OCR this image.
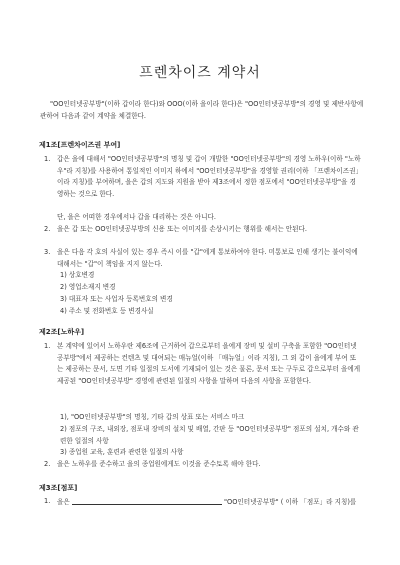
프렌차이즈 계약서
"OO인터넷공부방"(이하 갑이라 한다)와 OOO(이하 을이라 한다)은 "OO인터넷공부방"의 경영 및 제반사항에 관하여 다음과 같이 계약을 체결한다.
제1조[프렌차이즈권 부여]
1. 갑은 을에 대해서 "OO인터넷공부방"의 명칭 및 갑이 개발한 "OO인터넷공부방"의 경영 노하우(이하 "노하우"라 지칭)를 사용하여 통일적인 이미지 하에서 "OO인터넷공부방"을 경영할 권리(이하 「프렌차이즈권」이라 지칭)를 부여하며, 을은 갑의 지도와 지원을 받아 제3조에서 정한 점포에서 "OO인터넷공부방"을 경영하는 것으로 한다.
단, 을은 어떠한 경우에서나 갑을 대리하는 것은 아니다.
2. 을은 갑 또는 OO인터넷공부방의 신용 또는 이미지를 손상시키는 행위를 해서는 안된다.
3. 을은 다음 각 호의 사실이 있는 경우 즉시 이를 "갑"에게 통보하여야 한다. 미통보로 인해 생기는 불이익에 대해서는 "갑"이 책임을 지지 않는다.
1) 상호변경
2) 영업소재지 변경
3) 대표자 또는 사업자 등록번호의 변경
4) 주소 및 전화번호 등 변경사실
제2조[노하우]
1. 본 계약에 있어서 노하우란 제6조에 근거하여 갑으로부터 을에게 장비 및 설비 구축을 포함한 "OO인터넷공부방"에서 제공하는 컨텐츠 및 대여되는 매뉴얼(이하 「매뉴얼」이라 지칭), 그 외 갑이 을에게 부여 또는 제공하는 문서, 도면 기타 일절의 도서에 기재되어 있는 것은 물론, 문서 또는 구두로 갑으로부터 을에게 제공된 "OO인터넷공부방" 경영에 관련된 일절의 사항을 말하며 다음의 사항을 포함한다.
1), "OO인터넷공부방"의 명칭, 기타 갑의 상표 또는 서비스 마크
2) 점포의 구조, 내외장, 점포내 장비의 설치 및 배열, 간판 등 "OO인터넷공부방" 점포의 설치, 개수와 관련한 일절의 사항
3) 종업원 교육, 훈련과 관련한 일절의 사항
2. 을은 노하우를 준수하고 을의 종업원에게도 이것을 준수토록 해야 한다.
제3조[점포]
1. 을은	"OO인터넷공부방" ( 이하 「점포」라 지칭)를
